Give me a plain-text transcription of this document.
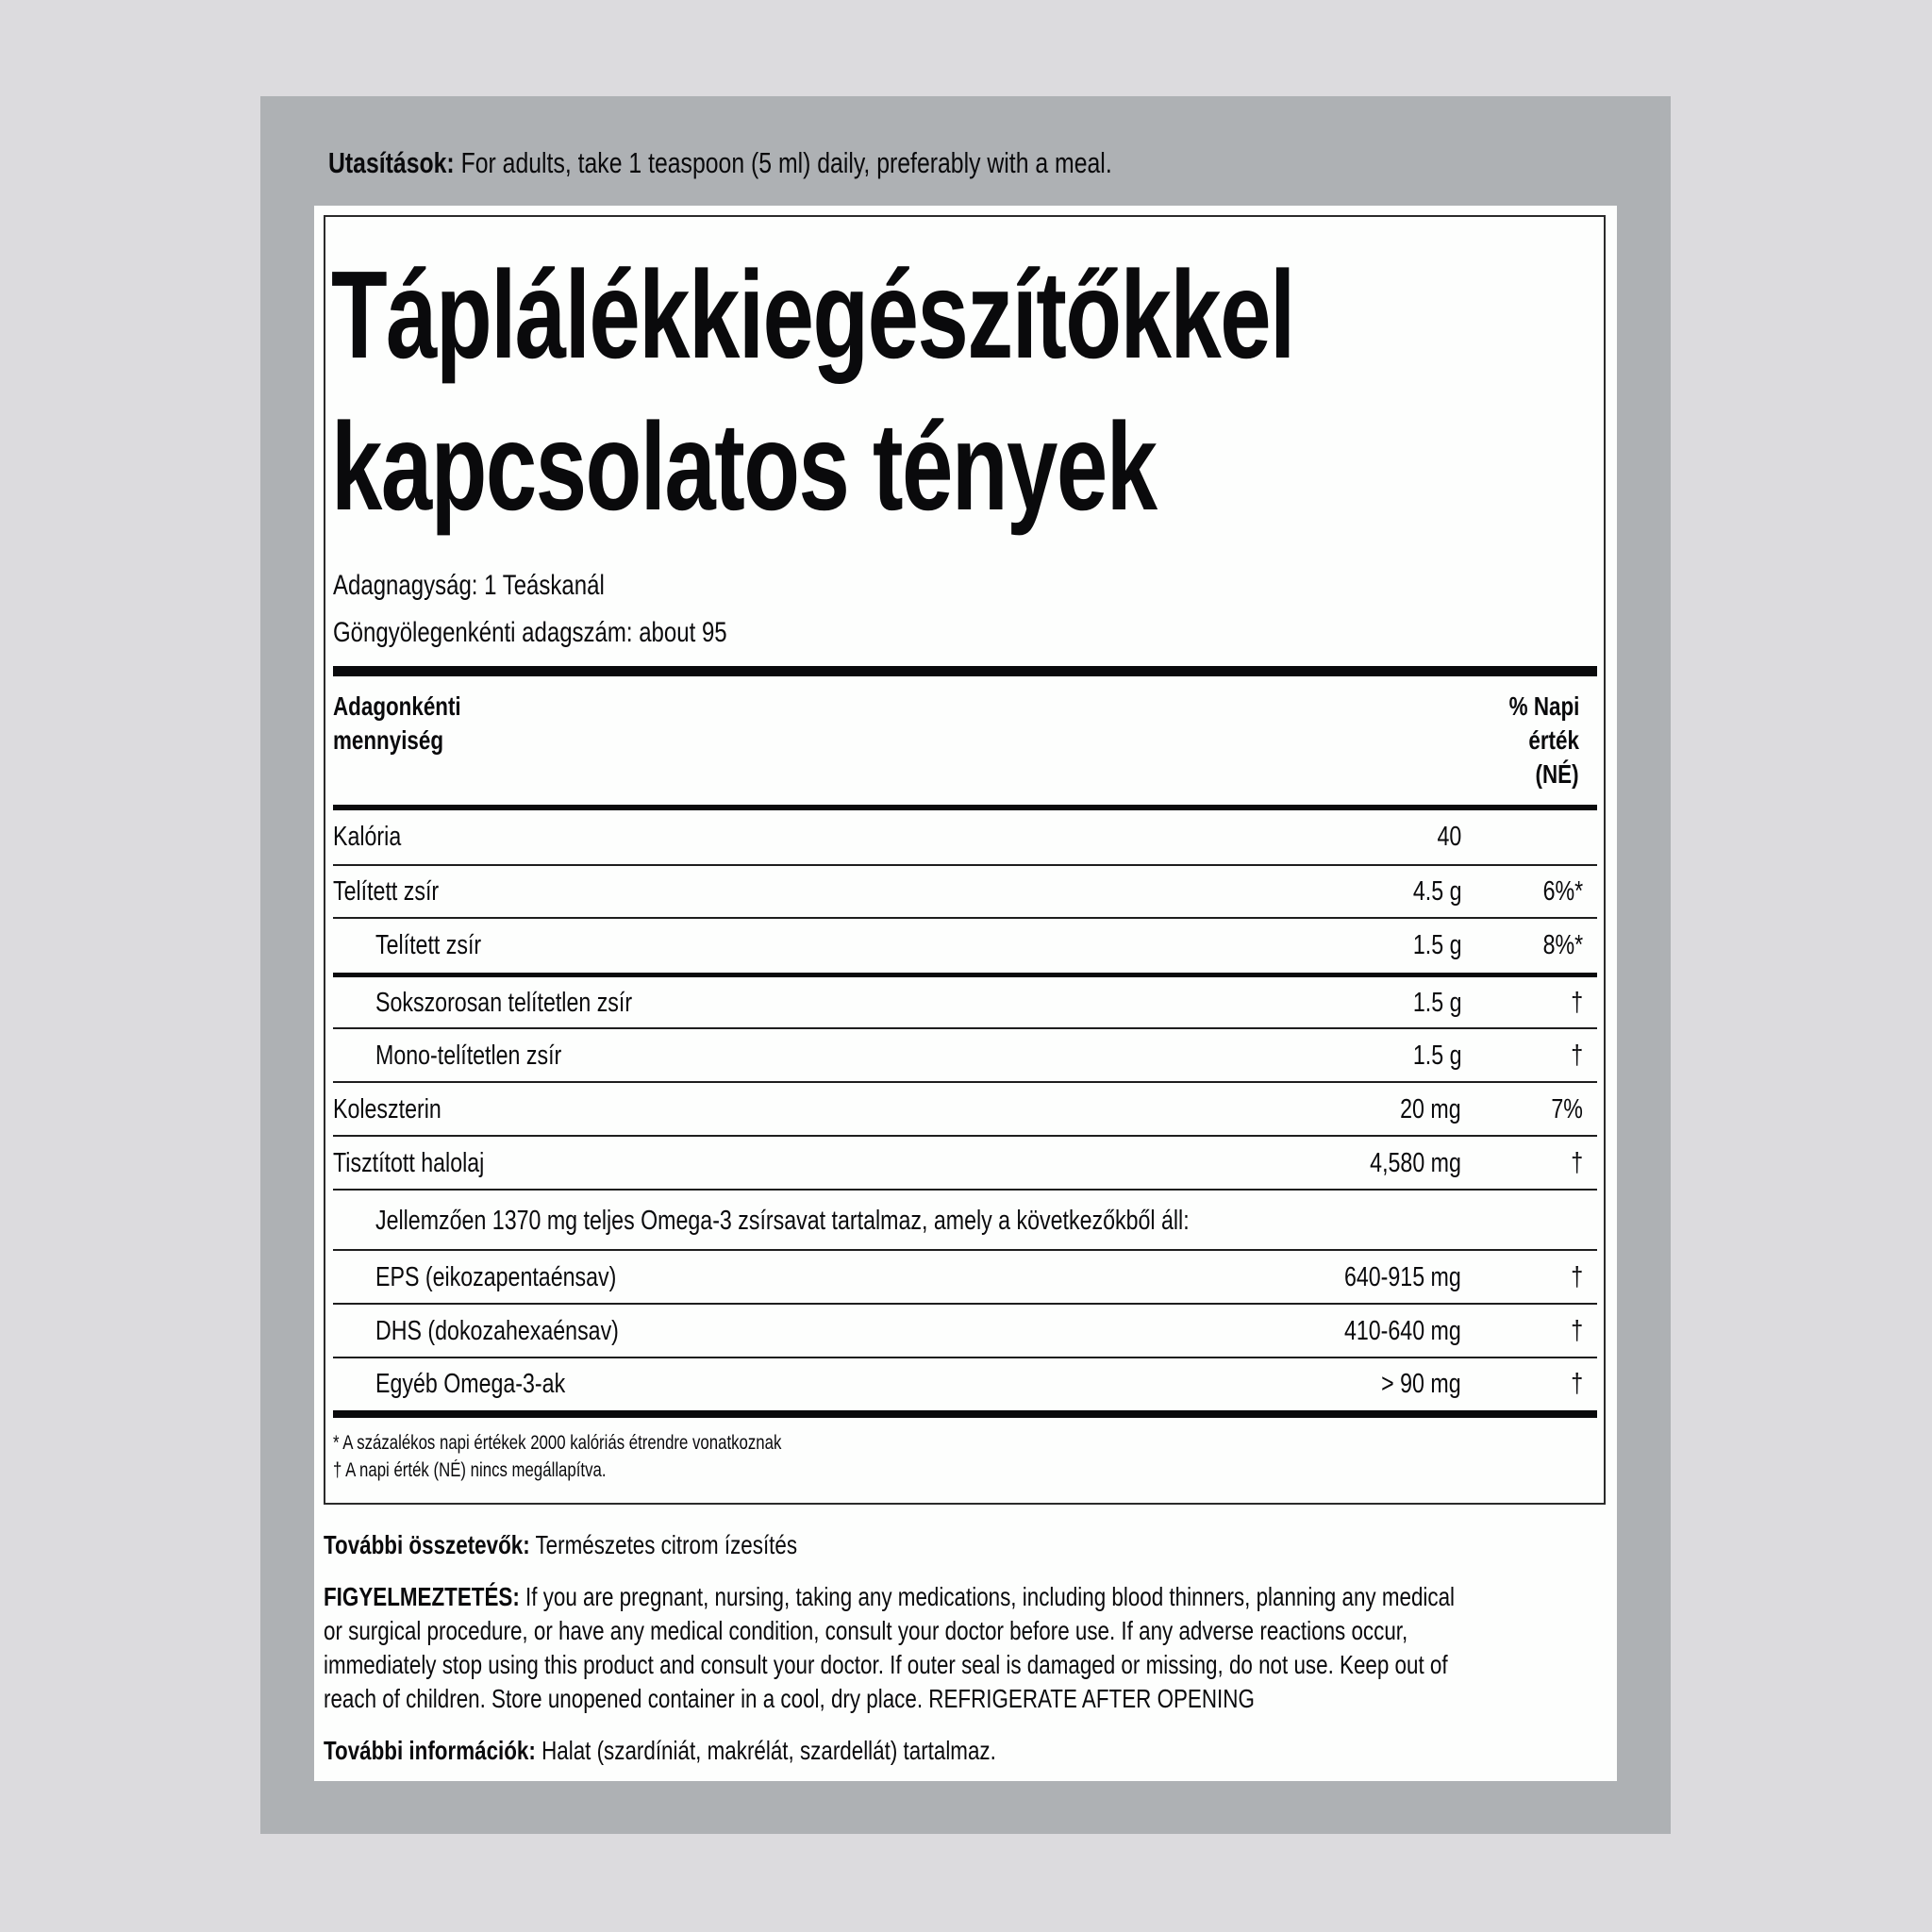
Utasítások: For adults, take 1 teaspoon (5 ml) daily, preferably with a meal.
Táplálékkiegészítőkkel
kapcsolatos tények
Adagnagyság: 1 Teáskanál
Göngyölegenkénti adagszám: about 95
Adagonkénti
mennyiség
% Napi
érték
(NÉ)
Kalória	40
Telített zsír	4.5 g	6%*
Telített zsír	1.5 g	8%*
Sokszorosan telítetlen zsír	1.5 g	†
Mono-telítetlen zsír	1.5 g	†
Koleszterin	20 mg	7%
Tisztított halolaj	4,580 mg	†
Jellemzően 1370 mg teljes Omega-3 zsírsavat tartalmaz, amely a következőkből áll:
EPS (eikozapentaénsav)	640-915 mg	†
DHS (dokozahexaénsav)	410-640 mg	†
Egyéb Omega-3-ak	> 90 mg	†
* A százalékos napi értékek 2000 kalóriás étrendre vonatkoznak
† A napi érték (NÉ) nincs megállapítva.
További összetevők: Természetes citrom ízesítés
FIGYELMEZTETÉS: If you are pregnant, nursing, taking any medications, including blood thinners, planning any medical
or surgical procedure, or have any medical condition, consult your doctor before use. If any adverse reactions occur,
immediately stop using this product and consult your doctor. If outer seal is damaged or missing, do not use. Keep out of
reach of children. Store unopened container in a cool, dry place. REFRIGERATE AFTER OPENING
További információk: Halat (szardíniát, makrélát, szardellát) tartalmaz.
